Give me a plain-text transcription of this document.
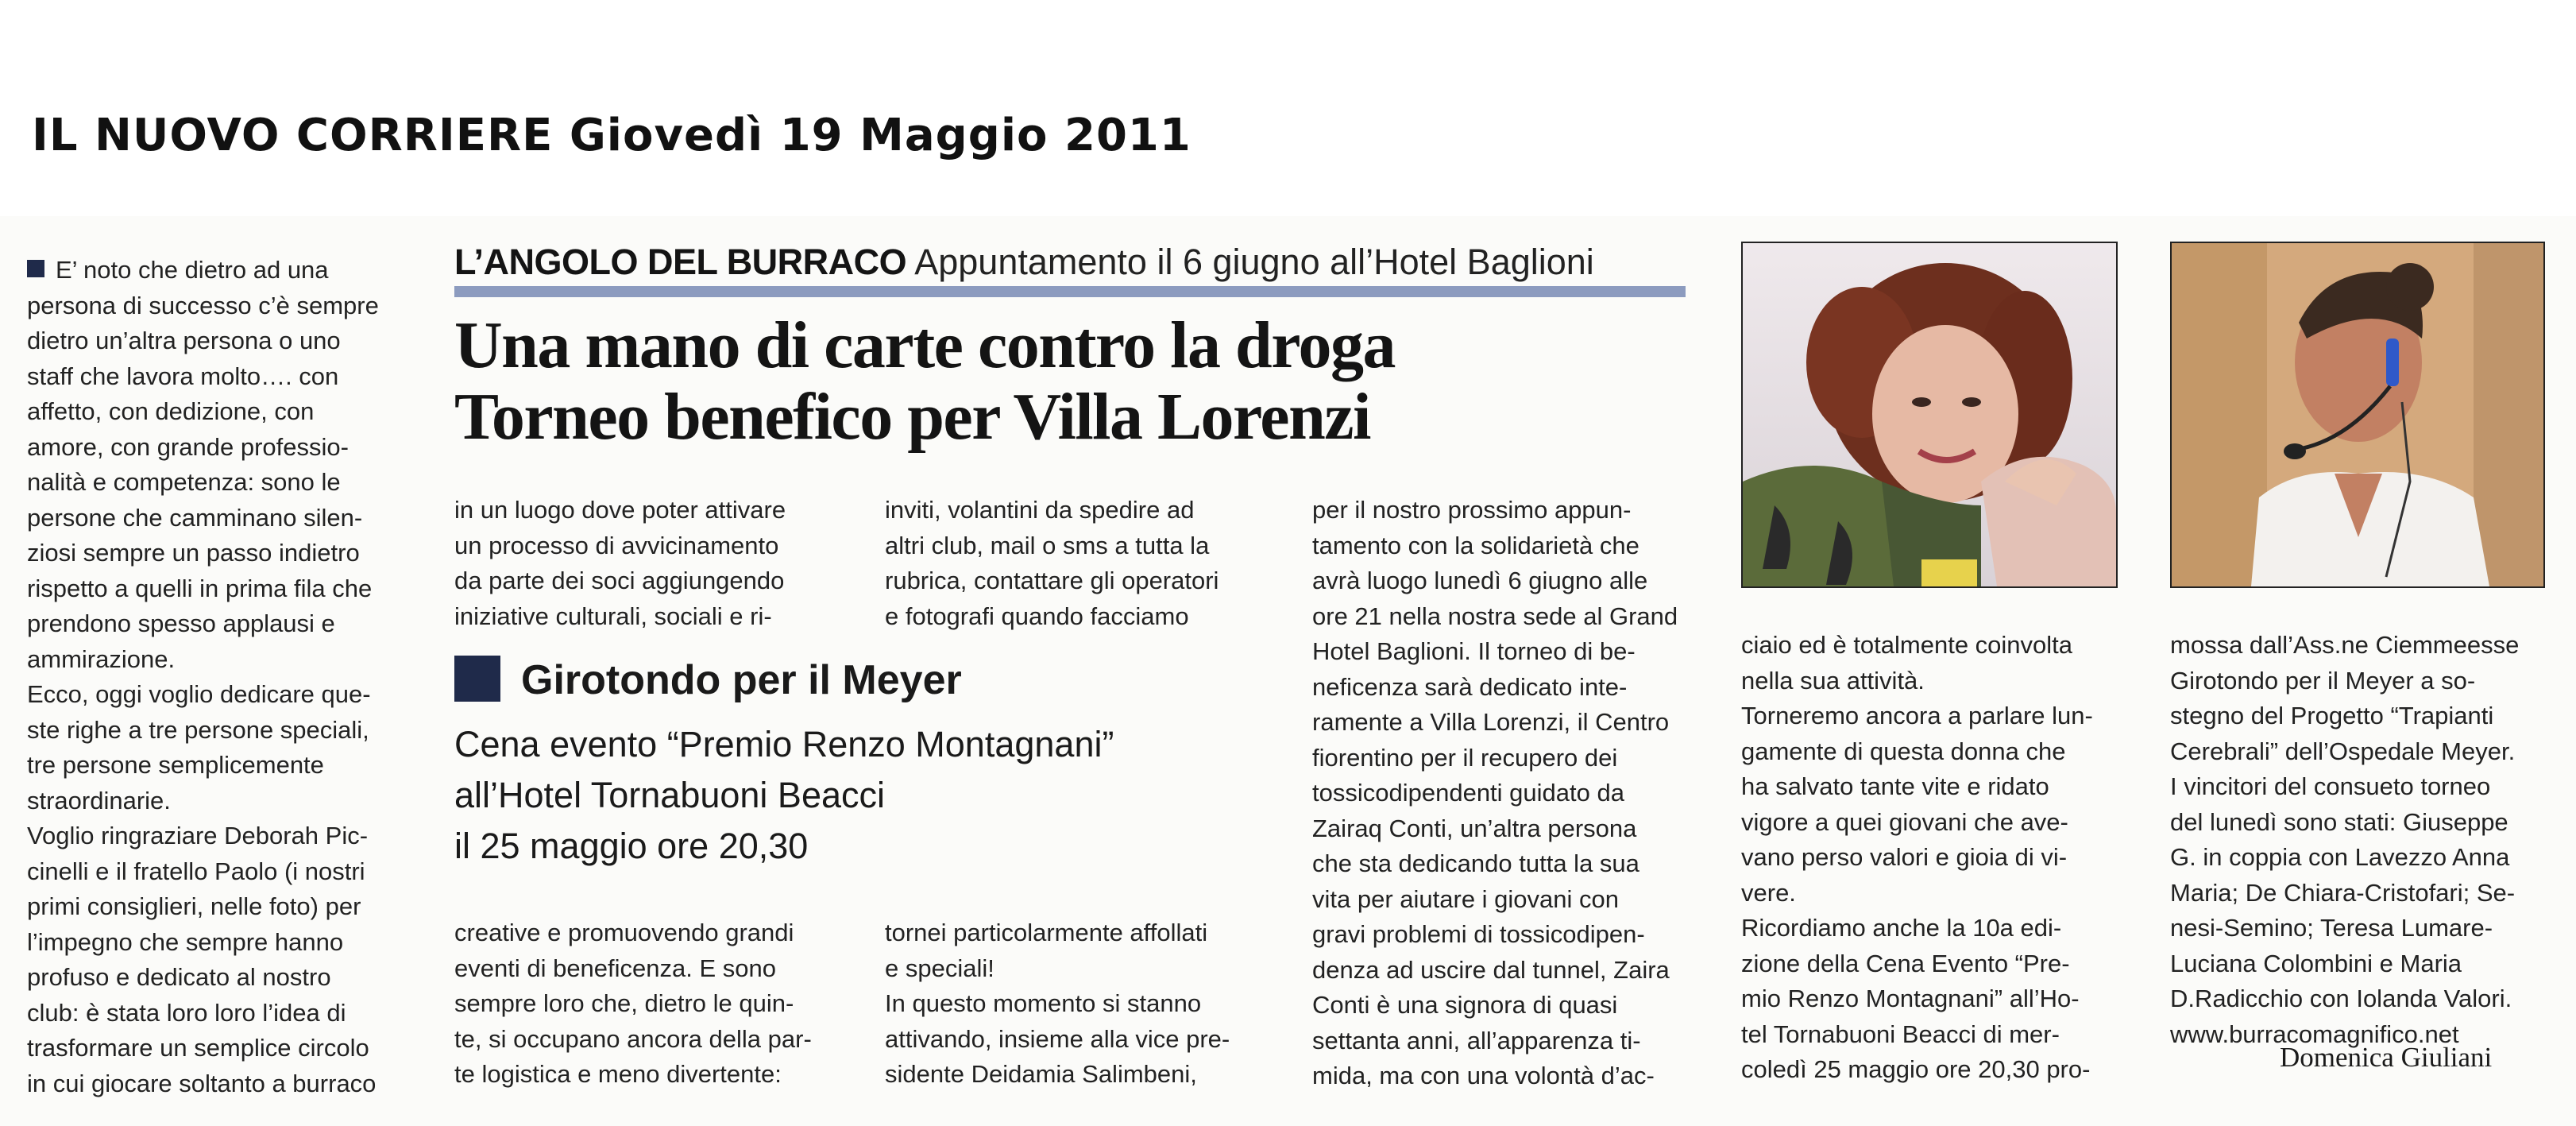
IL NUOVO CORRIERE Giovedì 19 Maggio 2011

E’ noto che dietro ad una

persona di successo c’è sempre

dietro un’altra persona o uno

staff che lavora molto…. con

affetto, con dedizione, con

amore, con grande professio-

nalità e competenza: sono le

persone che camminano silen-

ziosi sempre un passo indietro

rispetto a quelli in prima fila che

prendono spesso applausi e

ammirazione.

Ecco, oggi voglio dedicare que-

ste righe a tre persone speciali,

tre persone semplicemente

straordinarie.

Voglio ringraziare Deborah Pic-

cinelli e il fratello Paolo (i nostri

primi consiglieri, nelle foto) per

l’impegno che sempre hanno

profuso e dedicato al nostro

club: è stata loro loro l’idea di

trasformare un semplice circolo

in cui giocare soltanto a burraco

L’ANGOLO DEL BURRACO Appuntamento il 6 giugno all’Hotel Baglioni
Una mano di carte contro la droga
Torneo benefico per Villa Lorenzi

in un luogo dove poter attivare

un processo di avvicinamento

da parte dei soci aggiungendo

iniziative culturali, sociali e ri-

inviti, volantini da spedire ad

altri club, mail o sms a tutta la

rubrica, contattare gli operatori

e fotografi quando facciamo

Girotondo per il Meyer
Cena evento “Premio Renzo Montagnani”
all’Hotel Tornabuoni Beacci
il 25 maggio ore 20,30

creative e promuovendo grandi

eventi di beneficenza. E sono

sempre loro che, dietro le quin-

te, si occupano ancora della par-

te logistica e meno divertente:

tornei particolarmente affollati

e speciali!

In questo momento si stanno

attivando, insieme alla vice pre-

sidente Deidamia Salimbeni,

per il nostro prossimo appun-

tamento con la solidarietà che

avrà luogo lunedì 6 giugno alle

ore 21 nella nostra sede al Grand

Hotel Baglioni. Il torneo di be-

neficenza sarà dedicato inte-

ramente a Villa Lorenzi, il Centro

fiorentino per il recupero dei

tossicodipendenti guidato da

Zairaq Conti, un’altra persona

che sta dedicando tutta la sua

vita per aiutare i giovani con

gravi problemi di tossicodipen-

denza ad uscire dal tunnel, Zaira

Conti è una signora di quasi

settanta anni, all’apparenza ti-

mida, ma con una volontà d’ac-

ciaio ed è totalmente coinvolta

nella sua attività.

Torneremo ancora a parlare lun-

gamente di questa donna che

ha salvato tante vite e ridato

vigore a quei giovani che ave-

vano perso valori e gioia di vi-

vere.

Ricordiamo anche la 10a edi-

zione della Cena Evento “Pre-

mio Renzo Montagnani” all’Ho-

tel Tornabuoni Beacci di mer-

coledì 25 maggio ore 20,30 pro-

mossa dall’Ass.ne Ciemmeesse

Girotondo per il Meyer a so-

stegno del Progetto “Trapianti

Cerebrali” dell’Ospedale Meyer.

I vincitori del consueto torneo

del lunedì sono stati: Giuseppe

G. in coppia con Lavezzo Anna

Maria; De Chiara-Cristofari; Se-

nesi-Semino; Teresa Lumare-

Luciana Colombini e Maria

D.Radicchio con Iolanda Valori.

www.burracomagnifico.net

Domenica Giuliani
